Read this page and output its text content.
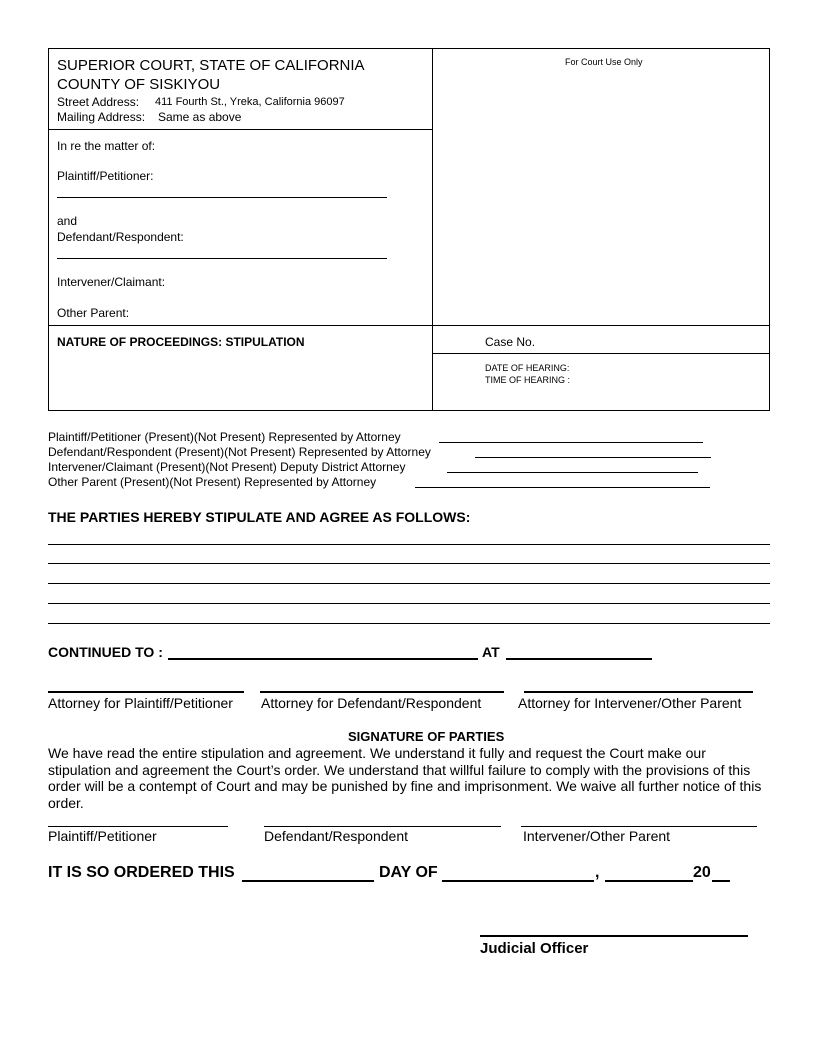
SUPERIOR COURT, STATE OF CALIFORNIA
COUNTY OF SISKIYOU
Street Address: 411 Fourth St., Yreka, California 96097
Mailing Address: Same as above
For Court Use Only
In re the matter of:
Plaintiff/Petitioner:
and
Defendant/Respondent:
Intervener/Claimant:
Other Parent:
NATURE OF PROCEEDINGS: STIPULATION	Case No.
DATE OF HEARING:
TIME OF HEARING :
Plaintiff/Petitioner (Present)(Not Present) Represented by Attorney
Defendant/Respondent (Present)(Not Present) Represented by Attorney
Intervener/Claimant (Present)(Not Present) Deputy District Attorney
Other Parent (Present)(Not Present) Represented by Attorney
THE PARTIES HEREBY STIPULATE AND AGREE AS FOLLOWS:
CONTINUED TO :	AT
Attorney for Plaintiff/Petitioner Attorney for Defendant/Respondent	Attorney for Intervener/Other Parent
SIGNATURE OF PARTIES
We have read the entire stipulation and agreement. We understand it fully and request the Court make our stipulation and agreement the Court’s order. We understand that willful failure to comply with the provisions of this order will be a contempt of Court and may be punished by fine and imprisonment. We waive all further notice of this order.
Plaintiff/Petitioner	Defendant/Respondent	Intervener/Other Parent
IT IS SO ORDERED THIS	DAY OF	,	20
Judicial Officer
